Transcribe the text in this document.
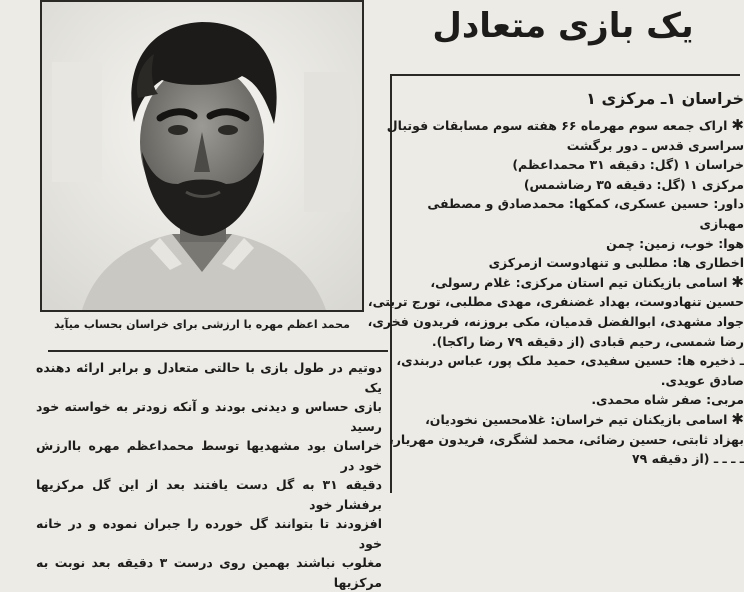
محمد اعظم مهره با ارزشی برای خراسان بحساب میآید
یک بازی متعادل

خراسان ۱ـ مرکزی ۱

✱اراک جمعه سوم مهرماه ۶۶ هفته سوم مسابقات فوتبال

سراسری قدس ـ دور برگشت

خراسان ۱ (گل: دقیقه ۳۱ محمداعظم)

مرکزی ۱ (گل: دقیقه ۳۵ رضاشمس)

داور: حسین عسکری، کمکها: محمدصادق و مصطفی

مهبازی

هوا: خوب، زمین: چمن

اخطاری ها: مطلبی و تنهادوست ازمرکزی

✱اسامی بازیکنان تیم استان مرکزی: غلام رسولی،

حسین تنهادوست، بهداد غضنفری، مهدی مطلبی، تورج تربتی،

جواد مشهدی، ابوالفضل قدمیان، مکی بروزنه، فریدون فخری،

رضا شمسی، رحیم قبادی (از دقیقه ۷۹ رضا راکجا).

ـ ذخیره ها: حسین سفیدی، حمید ملک پور، عباس دربندی،

صادق عویدی.

مربی: صفر شاه محمدی.

✱اسامی بازیکنان تیم خراسان: غلامحسین نخودیان،

بهزاد ثابتی، حسین رضائی، محمد لشگری، فریدون مهریار،

ـ ـ ـ ـ (از دقیقه ۷۹

دوتیم در طول بازی با حالتی متعادل و برابر ارائه دهنده یک

بازی حساس و دیدنی بودند و آنکه زودتر به خواسته خود رسید

خراسان بود مشهدیها توسط محمداعظم مهره باارزش خود در

دقیقه ۳۱ به گل دست یافتند بعد از این گل مرکزیها برفشار خود

افزودند تا بتوانند گل خورده را جبران نموده و در خانه خود

مغلوب نباشند بهمین روی درست ۳ دقیقه بعد نوبت به مرکزیها
